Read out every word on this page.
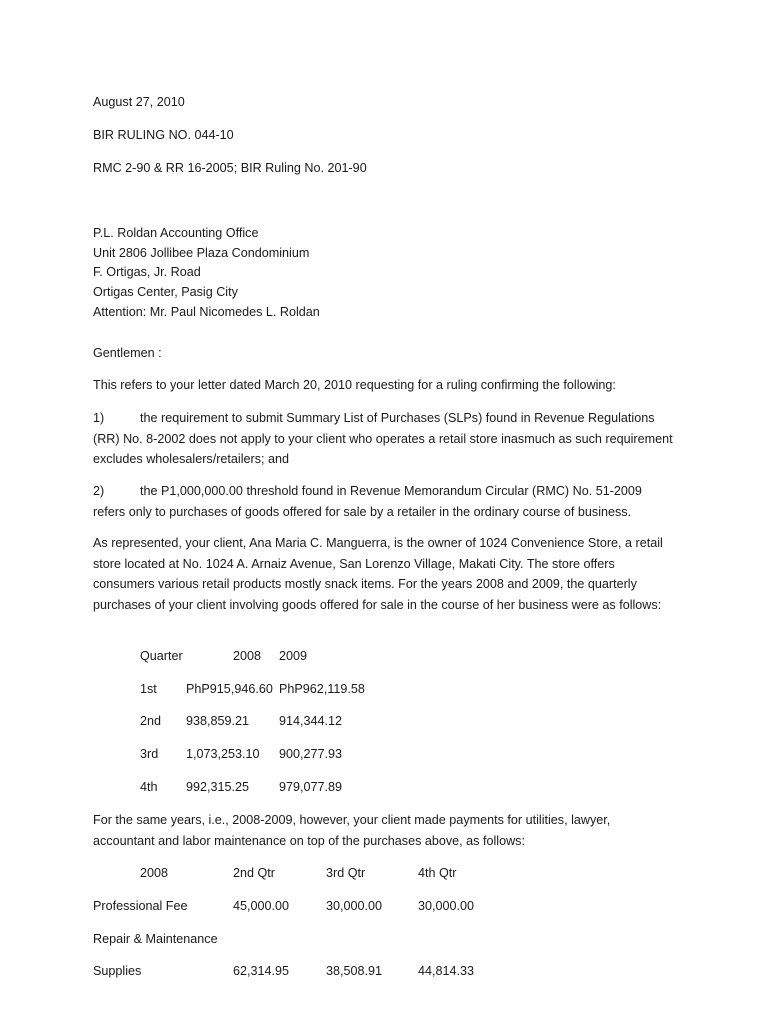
August 27, 2010
BIR RULING NO. 044-10
RMC 2-90 & RR 16-2005; BIR Ruling No. 201-90
P.L. Roldan Accounting Office
Unit 2806 Jollibee Plaza Condominium
F. Ortigas, Jr. Road
Ortigas Center, Pasig City
Attention: Mr. Paul Nicomedes L. Roldan
Gentlemen :
This refers to your letter dated March 20, 2010 requesting for a ruling confirming the following:
1)	the requirement to submit Summary List of Purchases (SLPs) found in Revenue Regulations (RR) No. 8-2002 does not apply to your client who operates a retail store inasmuch as such requirement excludes wholesalers/retailers; and
2)	the P1,000,000.00 threshold found in Revenue Memorandum Circular (RMC) No. 51-2009 refers only to purchases of goods offered for sale by a retailer in the ordinary course of business.
As represented, your client, Ana Maria C. Manguerra, is the owner of 1024 Convenience Store, a retail store located at No. 1024 A. Arnaiz Avenue, San Lorenzo Village, Makati City. The store offers consumers various retail products mostly snack items. For the years 2008 and 2009, the quarterly purchases of your client involving goods offered for sale in the course of her business were as follows:
Quarter	2008 2009
1st PhP915,946.60 PhP962,119.58
2nd 938,859.21 914,344.12
3rd 1,073,253.10 900,277.93
4th 992,315.25 979,077.89
For the same years, i.e., 2008-2009, however, your client made payments for utilities, lawyer, accountant and labor maintenance on top of the purchases above, as follows:
2008	2nd Qtr	3rd Qtr	4th Qtr
Professional Fee	45,000.00	30,000.00	30,000.00
Repair & Maintenance
Supplies	62,314.95	38,508.91	44,814.33
